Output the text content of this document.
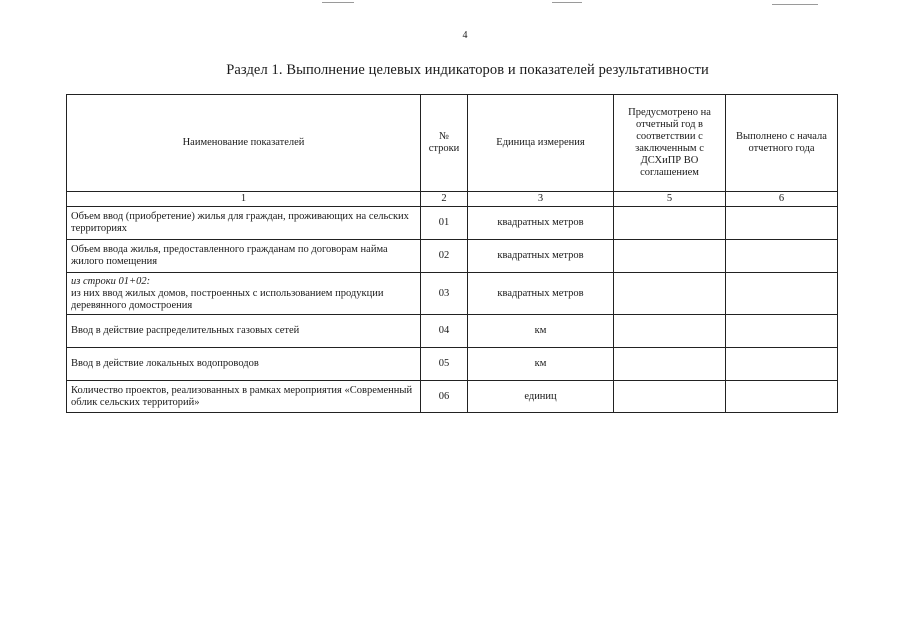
4
Раздел 1. Выполнение целевых индикаторов и показателей результативности
Наименование показателей	№ строки	Единица измерения	Предусмотрено на отчетный год в соответствии с заключенным с ДСХиПР ВО соглашением	Выполнено с начала отчетного года
1	2	3	5	6
Объем ввод (приобретение) жилья для граждан, проживающих на сельских территориях	01	квадратных метров		
Объем ввода жилья, предоставленного гражданам по договорам найма жилого помещения	02	квадратных метров		
из строки 01+02:
из них ввод жилых домов, построенных с использованием продукции деревянного домостроения	03	квадратных метров		
Ввод в действие распределительных газовых сетей	04	км		
Ввод в действие локальных водопроводов	05	км		
Количество проектов, реализованных в рамках мероприятия «Современный облик сельских территорий»	06	единиц		
